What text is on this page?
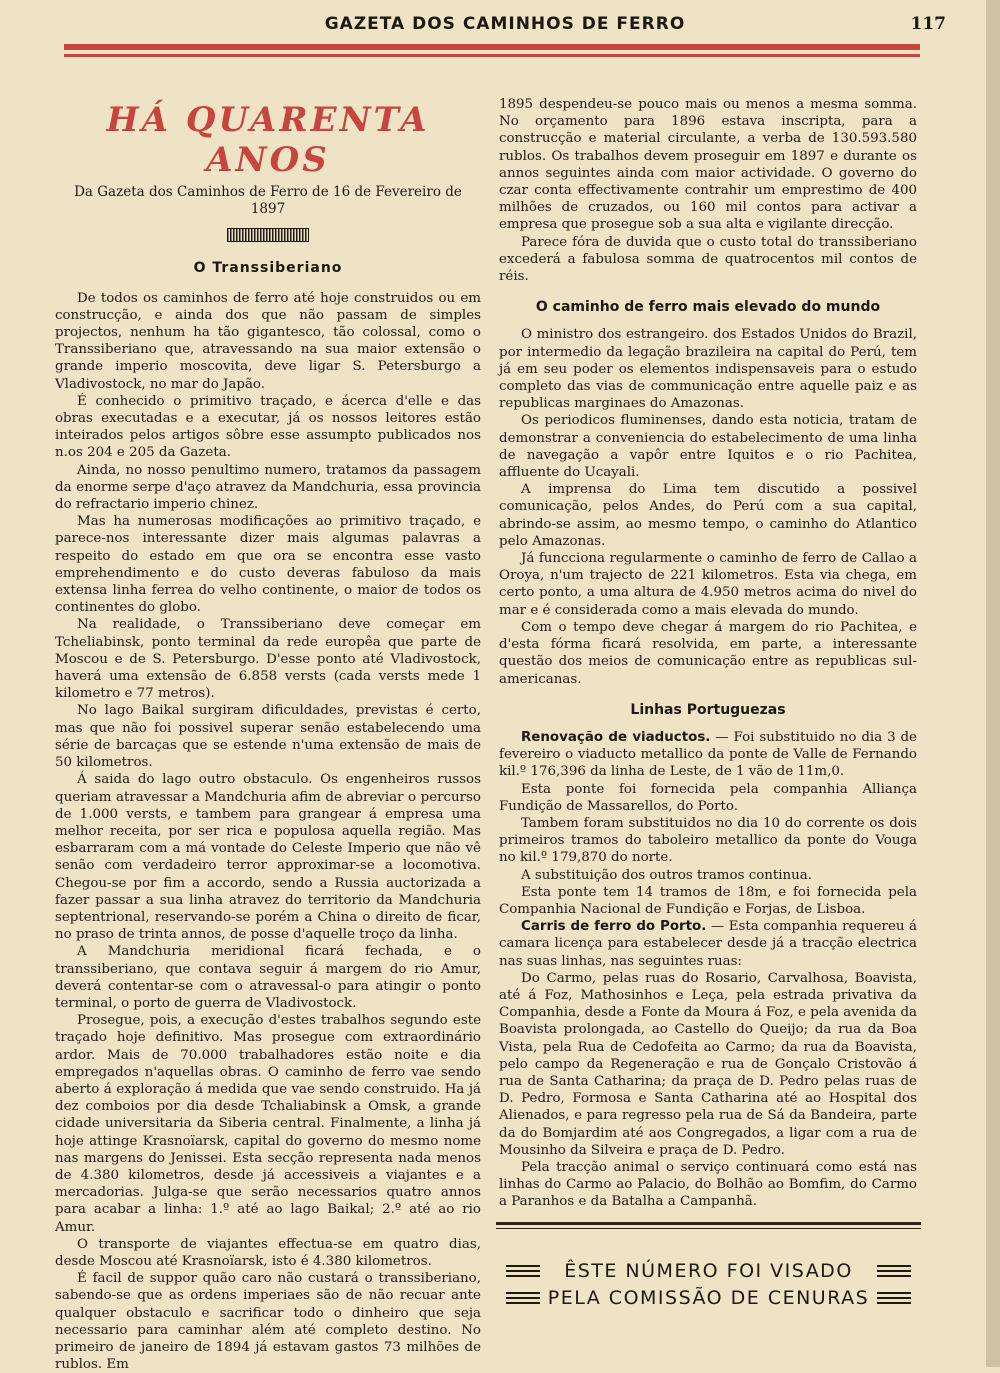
GAZETA DOS CAMINHOS DE FERRO	117
HÁ QUARENTA ANOS
Da Gazeta dos Caminhos de Ferro de 16 de Fevereiro de 1897
O Transsiberiano

De todos os caminhos de ferro até hoje construidos ou em construcção, e ainda dos que não passam de simples projectos, nenhum ha tão gigantesco, tão colossal, como o Transsiberiano que, atravessando na sua maior extensão o grande imperio moscovita, deve ligar S. Petersburgo a Vladivostock, no mar do Japão.

É conhecido o primitivo traçado, e ácerca d'elle e das obras executadas e a executar, já os nossos leitores estão inteirados pelos artigos sôbre esse assumpto publicados nos n.os 204 e 205 da Gazeta.

Ainda, no nosso penultimo numero, tratamos da passagem da enorme serpe d'aço atravez da Mandchuria, essa provincia do refractario imperio chinez.

Mas ha numerosas modificações ao primitivo traçado, e parece-nos interessante dizer mais algumas palavras a respeito do estado em que ora se encontra esse vasto emprehendimento e do custo deveras fabuloso da mais extensa linha ferrea do velho continente, o maior de todos os continentes do globo.

Na realidade, o Transsiberiano deve começar em Tcheliabinsk, ponto terminal da rede europêa que parte de Moscou e de S. Petersburgo. D'esse ponto até Vladivostock, haverá uma extensão de 6.858 versts (cada versts mede 1 kilometro e 77 metros).

No lago Baikal surgiram dificuldades, previstas é certo, mas que não foi possivel superar senão estabelecendo uma série de barcaças que se estende n'uma extensão de mais de 50 kilometros.

Á saida do lago outro obstaculo. Os engenheiros russos queriam atravessar a Mandchuria afim de abreviar o percurso de 1.000 versts, e tambem para grangear á empresa uma melhor receita, por ser rica e populosa aquella região. Mas esbarraram com a má vontade do Celeste Imperio que não vê senão com verdadeiro terror approximar-se a locomotiva. Chegou-se por fim a accordo, sendo a Russia auctorizada a fazer passar a sua linha atravez do territorio da Mandchuria septentrional, reservando-se porém a China o direito de ficar, no praso de trinta annos, de posse d'aquelle troço da linha.

A Mandchuria meridional ficará fechada, e o transsiberiano, que contava seguir á margem do rio Amur, deverá contentar-se com o atravessal-o para atingir o ponto terminal, o porto de guerra de Vladivostock.

Prosegue, pois, a execução d'estes trabalhos segundo este traçado hoje definitivo. Mas prosegue com extraordinário ardor. Mais de 70.000 trabalhadores estão noite e dia empregados n'aquellas obras. O caminho de ferro vae sendo aberto á exploração á medida que vae sendo construido. Ha já dez comboios por dia desde Tchaliabinsk a Omsk, a grande cidade universitaria da Siberia central. Finalmente, a linha já hoje attinge Krasnoïarsk, capital do governo do mesmo nome nas margens do Jenissei. Esta secção representa nada menos de 4.380 kilometros, desde já accessiveis a viajantes e a mercadorias. Julga-se que serão necessarios quatro annos para acabar a linha: 1.º até ao lago Baikal; 2.º até ao rio Amur.

O transporte de viajantes effectua-se em quatro dias, desde Moscou até Krasnoïarsk, isto é 4.380 kilometros.

É facil de suppor quão caro não custará o transsiberiano, sabendo-se que as ordens imperiaes são de não recuar ante qualquer obstaculo e sacrificar todo o dinheiro que seja necessario para caminhar além até completo destino. No primeiro de janeiro de 1894 já estavam gastos 73 milhões de rublos. Em

1895 despendeu-se pouco mais ou menos a mesma somma. No orçamento para 1896 estava inscripta, para a construcção e material circulante, a verba de 130.593.580 rublos. Os trabalhos devem proseguir em 1897 e durante os annos seguintes ainda com maior actividade. O governo do czar conta effectivamente contrahir um emprestimo de 400 milhões de cruzados, ou 160 mil contos para activar a empresa que prosegue sob a sua alta e vigilante direcção.

Parece fóra de duvida que o custo total do transsiberiano excederá a fabulosa somma de quatrocentos mil contos de réis.

O caminho de ferro mais elevado do mundo

O ministro dos estrangeiro. dos Estados Unidos do Brazil, por intermedio da legação brazileira na capital do Perú, tem já em seu poder os elementos indispensaveis para o estudo completo das vias de communicação entre aquelle paiz e as republicas marginaes do Amazonas.

Os periodicos fluminenses, dando esta noticia, tratam de demonstrar a conveniencia do estabelecimento de uma linha de navegação a vapôr entre Iquitos e o rio Pachitea, affluente do Ucayali.

A imprensa do Lima tem discutido a possivel comunicação, pelos Andes, do Perú com a sua capital, abrindo-se assim, ao mesmo tempo, o caminho do Atlantico pelo Amazonas.

Já funcciona regularmente o caminho de ferro de Callao a Oroya, n'um trajecto de 221 kilometros. Esta via chega, em certo ponto, a uma altura de 4.950 metros acima do nivel do mar e é considerada como a mais elevada do mundo.

Com o tempo deve chegar á margem do rio Pachitea, e d'esta fórma ficará resolvida, em parte, a interessante questão dos meios de comunicação entre as republicas sul-americanas.

Linhas Portuguezas

Renovação de viaductos. — Foi substituido no dia 3 de fevereiro o viaducto metallico da ponte de Valle de Fernando kil.º 176,396 da linha de Leste, de 1 vão de 11m,0.

Esta ponte foi fornecida pela companhia Alliança Fundição de Massarellos, do Porto.

Tambem foram substituidos no dia 10 do corrente os dois primeiros tramos do taboleiro metallico da ponte do Vouga no kil.º 179,870 do norte.

A substituição dos outros tramos continua.

Esta ponte tem 14 tramos de 18m, e foi fornecida pela Companhia Nacional de Fundição e Forjas, de Lisboa.

Carris de ferro do Porto. — Esta companhia requereu á camara licença para estabelecer desde já a tracção electrica nas suas linhas, nas seguintes ruas:

Do Carmo, pelas ruas do Rosario, Carvalhosa, Boavista, até á Foz, Mathosinhos e Leça, pela estrada privativa da Companhia, desde a Fonte da Moura á Foz, e pela avenida da Boavista prolongada, ao Castello do Queijo; da rua da Boa Vista, pela Rua de Cedofeita ao Carmo; da rua da Boavista, pelo campo da Regeneração e rua de Gonçalo Cristovão á rua de Santa Catharina; da praça de D. Pedro pelas ruas de D. Pedro, Formosa e Santa Catharina até ao Hospital dos Alienados, e para regresso pela rua de Sá da Bandeira, parte da do Bomjardim até aos Congregados, a ligar com a rua de Mousinho da Silveira e praça de D. Pedro.

Pela tracção animal o serviço continuará como está nas linhas do Carmo ao Palacio, do Bolhão ao Bomfim, do Carmo a Paranhos e da Batalha a Campanhã.

ÊSTE NÚMERO FOI VISADO
PELA COMISSÃO DE CENURAS
